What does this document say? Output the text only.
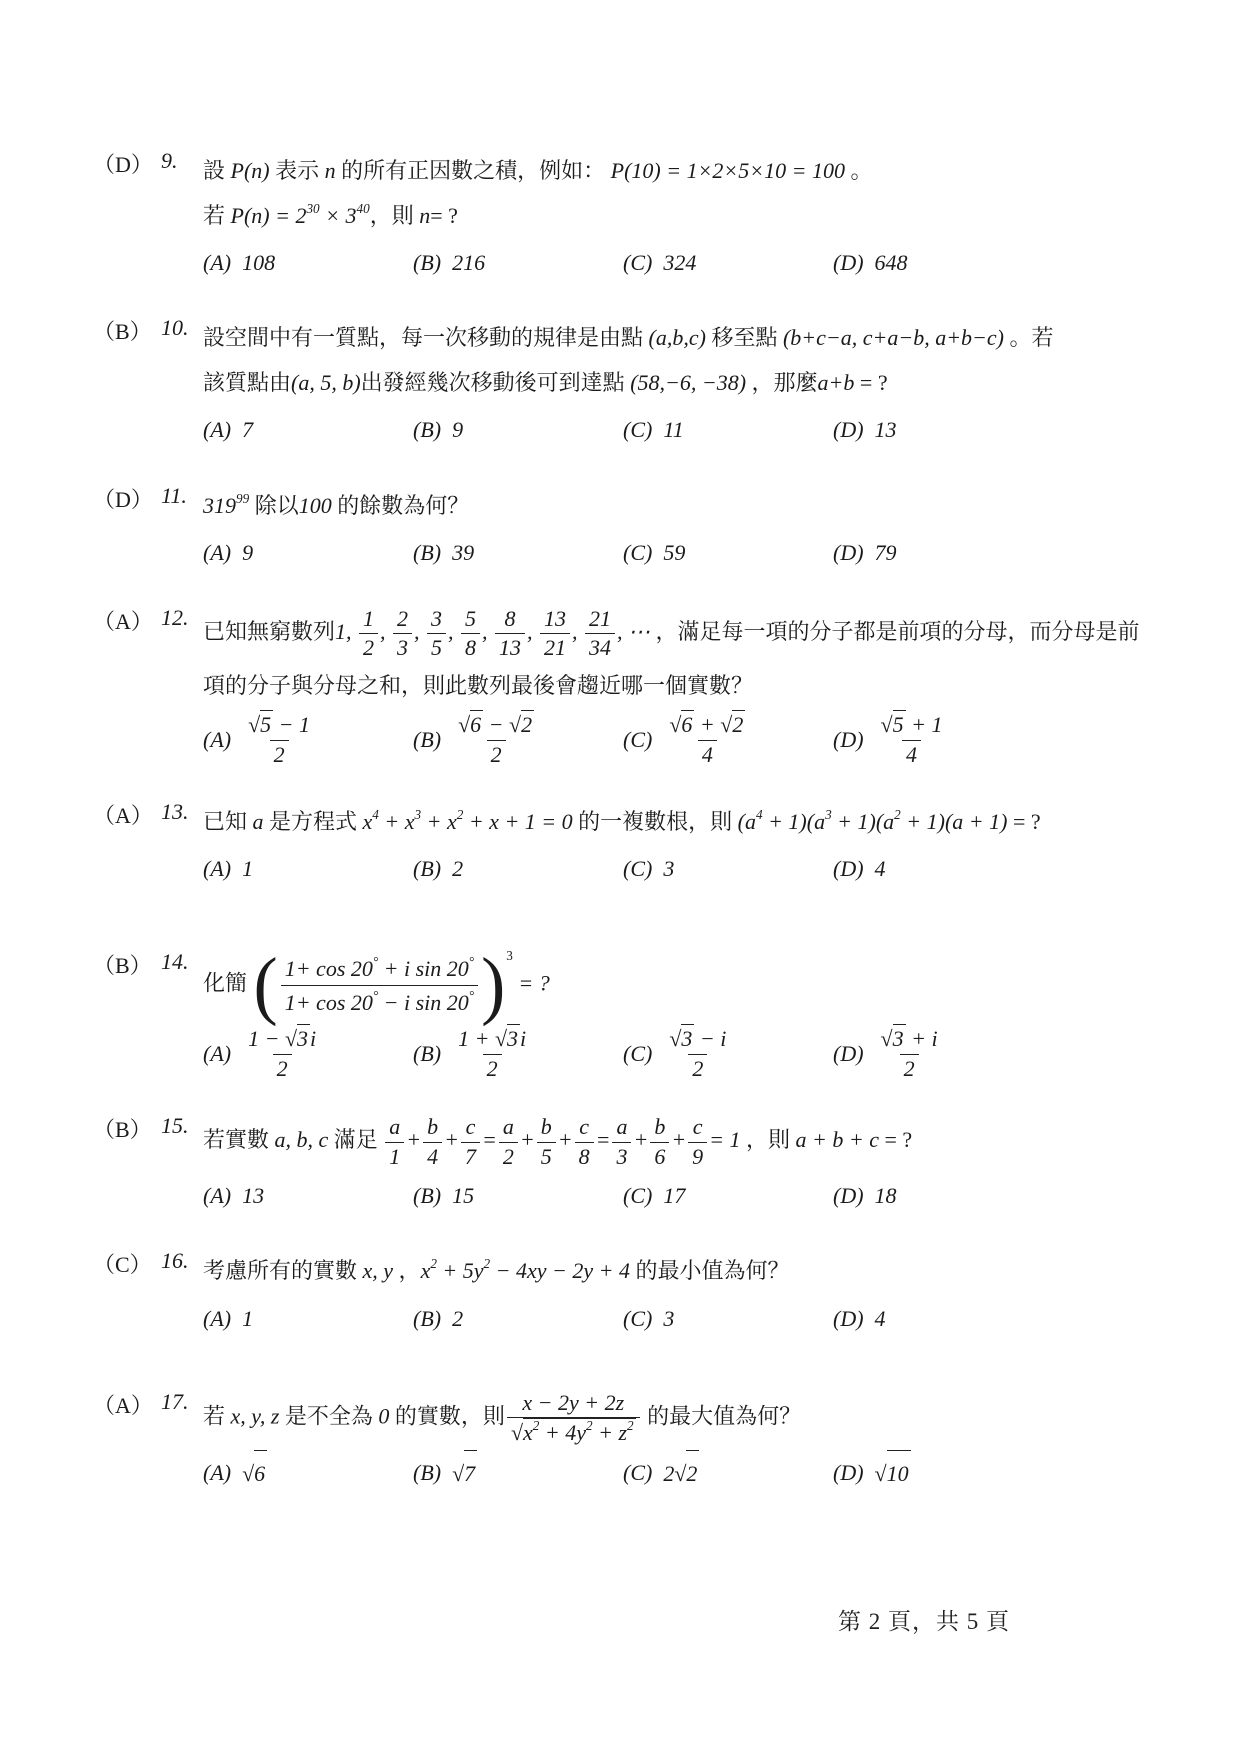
（D） 9.	設 P(n) 表示 n 的所有正因數之積，例如： P(10) = 1×2×5×10 = 100 。
若 $P(n) = 2^{30} \times 3^{40}$，則 n= ?
(A) 108	(B) 216	(C) 324	(D) 648
（B） 10. 設空間中有一質點，每一次移動的規律是由點 (a,b,c) 移至點 (b+c−a, c+a−b, a+b−c) 。若
該質點由(a, 5, b)出發經幾次移動後可到達點 (58,−6, −38) ，那麼a+b = ?
(A) 7	(B) 9	(C) 11	(D) 13
（D） 11. $319^{99}$ 除以100 的餘數為何？
(A) 9	(B) 39	(C) 59	(D) 79
（A） 12.
已知無窮數列1, $\frac{1}{2}$ , $\frac{2}{3}$ , $\frac{3}{5}$ , $\frac{5}{8}$ , $\frac{8}{13}$ , $\frac{13}{21}$ , $\frac{21}{34}$ , ⋯ ，滿足每一項的分子都是前項的分母，而分母是前
項的分子與分母之和，則此數列最後會趨近哪一個實數？
$(A) \frac{√ 5 - 1}{2}$	$(B) \frac{√ 6 - √ 2}{2}$	$(C) \frac{√ 6 + √ 2}{4}$	$(D) \frac{√ 5 + 1}{4}$
（A） 13. 已知 a 是方程式 $x^4 + x^3 + x^2 + x + 1 = 0$ 的一複數根，則 $(a^4 + 1)(a^3 + 1)(a^2 + 1)(a + 1)$ = ?
(A) 1	(B) 2	(C) 3	(D) 4
（B） 14.
化簡 ( $\frac{1+ \cos 20^\circ + i \sin 20^\circ}{1+ \cos 20^\circ - i \sin 20^\circ}$ ) $^3$ = ?
$(A) \frac{1 - √ 3 i}{2}$	$(B) \frac{1 + √ 3 i}{2}$	$(C) \frac{√ 3 - i}{2}$	$(D) \frac{√ 3 + i}{2}$
（B） 15.
若實數 a, b, c 滿足 $\frac{a}{1} + \frac{b}{4} + \frac{c}{7} = \frac{a}{2} + \frac{b}{5} + \frac{c}{8} = \frac{a}{3} + \frac{b}{6} + \frac{c}{9} = 1$ ，則 a + b + c = ?
(A) 13	(B) 15	(C) 17	(D) 18
（C） 16. 考慮所有的實數 x, y ，$x^2 + 5y^2 - 4xy - 2y + 4$ 的最小值為何？
(A) 1	(B) 2	(C) 3	(D) 4
（A） 17.
若 x, y, z 是不全為 0 的實數，則 $\frac{x - 2y + 2z}{√ x^2 + 4y^2 + z^2}$ 的最大值為何？
(A) √ 6	(B) √ 7	(C) 2 √ 2	(D) √ 10
第 2 頁，共 5 頁
